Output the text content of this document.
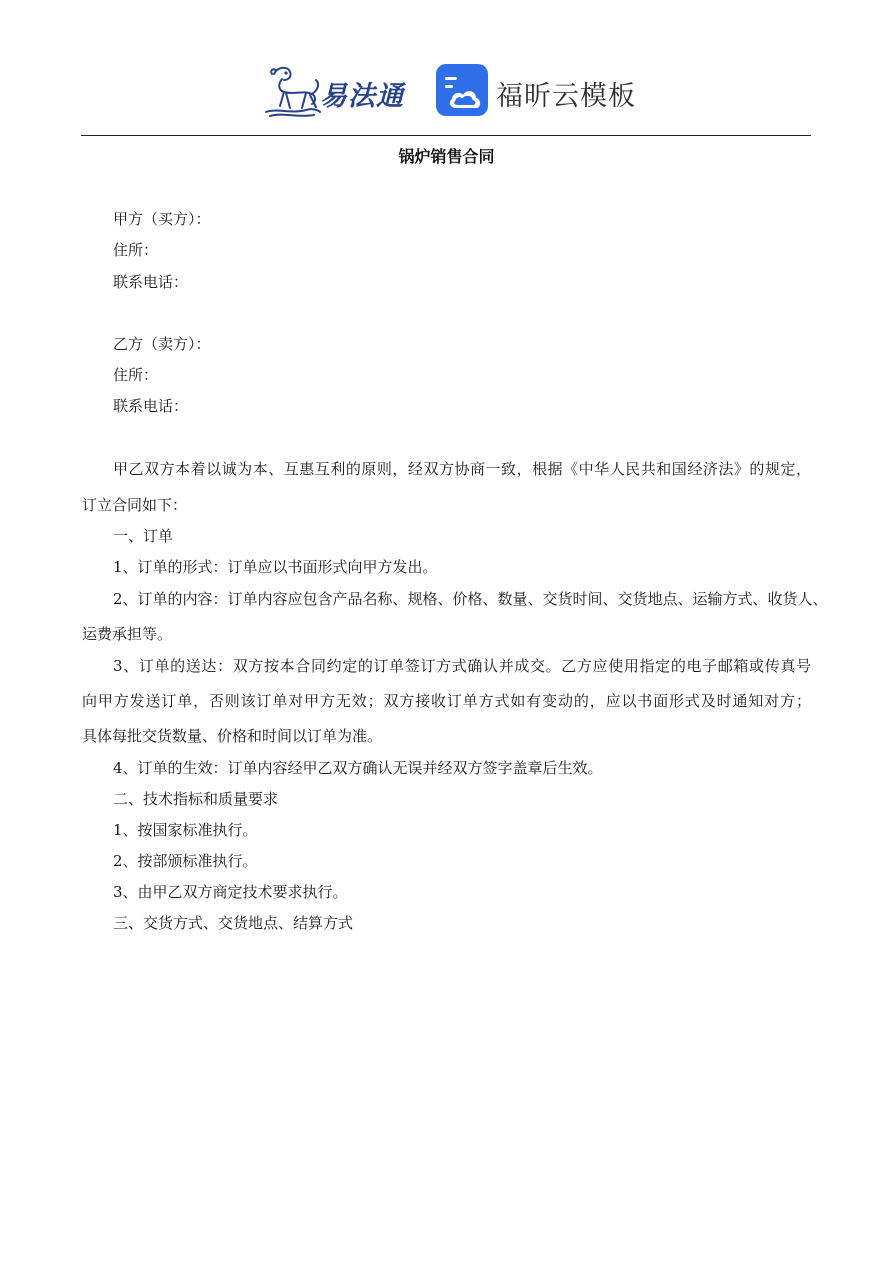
易法通	福昕云模板
锅炉销售合同
甲方（买方）：
住所：
联系电话：
乙方（卖方）：
住所：
联系电话：
甲乙双方本着以诚为本、互惠互利的原则，经双方协商一致，根据《中华人民共和国经济法》的规定，
订立合同如下：
一、订单
1、订单的形式：订单应以书面形式向甲方发出。
2、订单的内容：订单内容应包含产品名称、规格、价格、数量、交货时间、交货地点、运输方式、收货人、
运费承担等。
3、订单的送达：双方按本合同约定的订单签订方式确认并成交。乙方应使用指定的电子邮箱或传真号
向甲方发送订单，否则该订单对甲方无效；双方接收订单方式如有变动的，应以书面形式及时通知对方；
具体每批交货数量、价格和时间以订单为准。
4、订单的生效：订单内容经甲乙双方确认无误并经双方签字盖章后生效。
二、技术指标和质量要求
1、按国家标准执行。
2、按部颁标准执行。
3、由甲乙双方商定技术要求执行。
三、交货方式、交货地点、结算方式
